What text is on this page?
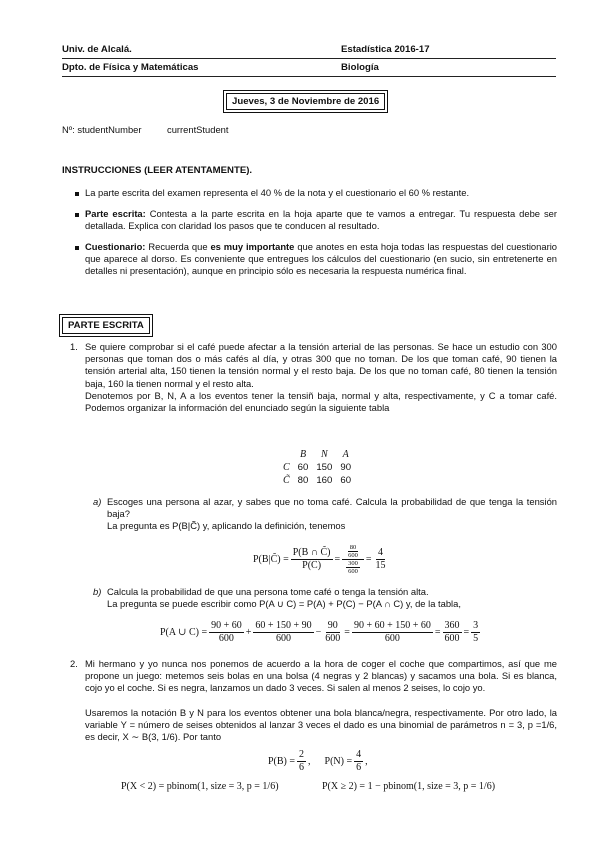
Univ. de Alcalá.	Estadística 2016-17
Dpto. de Física y Matemáticas	Biología
Jueves, 3 de Noviembre de 2016
Nº: studentNumber	currentStudent
INSTRUCCIONES (LEER ATENTAMENTE).
La parte escrita del examen representa el 40 % de la nota y el cuestionario el 60 % restante.
Parte escrita: Contesta a la parte escrita en la hoja aparte que te vamos a entregar. Tu respuesta debe ser detallada. Explica con claridad los pasos que te conducen al resultado.
Cuestionario: Recuerda que es muy importante que anotes en esta hoja todas las respuestas del cuestionario que aparece al dorso. Es conveniente que entregues los cálculos del cuestionario (en sucio, sin entretenerte en detalles ni presentación), aunque en principio sólo es necesaria la respuesta numérica final.
PARTE ESCRITA
1. Se quiere comprobar si el café puede afectar a la tensión arterial de las personas. Se hace un estudio con 300 personas que toman dos o más cafés al día, y otras 300 que no toman. De los que toman café, 90 tienen la tensión arterial alta, 150 tienen la tensión normal y el resto baja. De los que no toman café, 80 tienen la tensión baja, 160 la tienen normal y el resto alta.
Denotemos por B, N, A a los eventos tener la tensiñ baja, normal y alta, respectivamente, y C a tomar café. Podemos organizar la información del enunciado según la siguiente tabla
	B	N	A
C	60	150	90
C̃	80	160	60
a) Escoges una persona al azar, y sabes que no toma café. Calcula la probabilidad de que tenga la tensión baja?
La pregunta es P(B|C̃) y, aplicando la definición, tenemos
P(B|C̃) = $\frac{P(B \cap C̃)}{P(C̃)} = \frac{\frac{80}{600}}{\frac{300}{600}} = \frac{4}{15}$
b) Calcula la probabilidad de que una persona tome café o tenga la tensión alta.
La pregunta se puede escribir como P(A ∪ C) = P(A) + P(C) − P(A ∩ C) y, de la tabla,
P(A ∪ $C) = \frac{90 + 60}{600} + \frac{60 + 150 + 90}{600} - \frac{90}{600} = \frac{90 + 60 + 150 + 60}{600} = \frac{360}{600} = \frac{3}{5}$
2. Mi hermano y yo nunca nos ponemos de acuerdo a la hora de coger el coche que compartimos, así que me propone un juego: metemos seis bolas en una bolsa (4 negras y 2 blancas) y sacamos una bola. Si es blanca, cojo yo el coche. Si es negra, lanzamos un dado 3 veces. Si salen al menos 2 seises, lo cojo yo.
Usaremos la notación B y N para los eventos obtener una bola blanca/negra, respectivamente. Por otro lado, la variable Y = número de seises obtenidos al lanzar 3 veces el dado es una binomial de parámetros n = 3, p =1/6, es decir, X ∼ B(3, 1/6). Por tanto
$P(B) = \frac{2}{6}$ , $P(N) = \frac{4}{6}$ ,
P(X < 2) = pbinom(1, size = 3, p = 1/6)	P(X ≥ 2) = 1 − pbinom(1, size = 3, p = 1/6)
